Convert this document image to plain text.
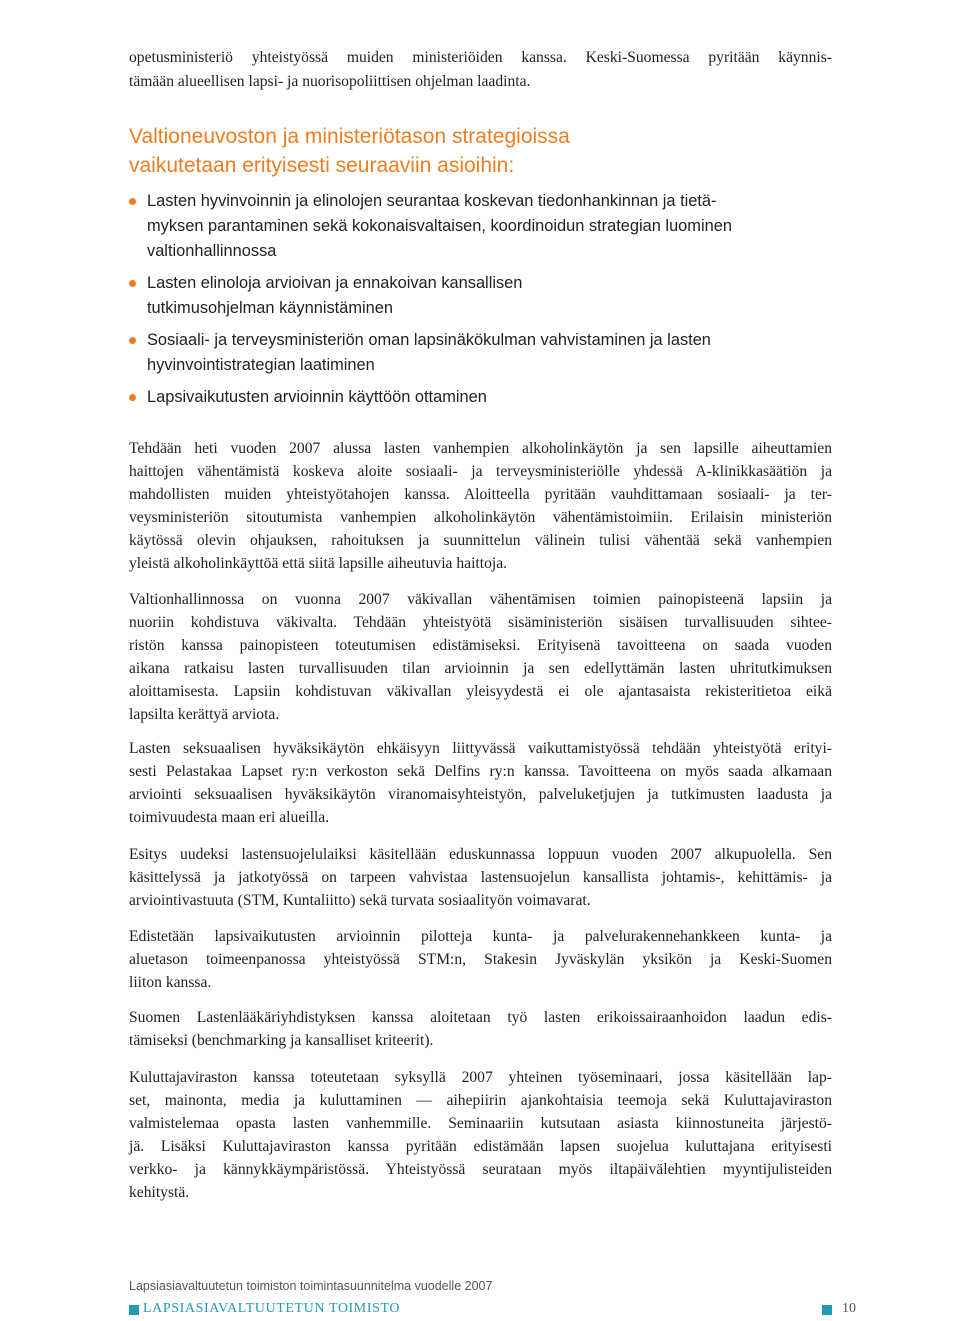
opetusministeriö yhteistyössä muiden ministeriöiden kanssa. Keski-Suomessa pyritään käynnis-
tämään alueellisen lapsi- ja nuorisopoliittisen ohjelman laadinta.
Valtioneuvoston ja ministeriötason strategioissa
vaikutetaan erityisesti seuraaviin asioihin:
Lasten hyvinvoinnin ja elinolojen seurantaa koskevan tiedonhankinnan ja tietä-
myksen parantaminen sekä kokonaisvaltaisen, koordinoidun strategian luominen
valtionhallinnossa
Lasten elinoloja arvioivan ja ennakoivan kansallisen
tutkimusohjelman käynnistäminen
Sosiaali- ja terveysministeriön oman lapsinäkökulman vahvistaminen ja lasten
hyvinvointistrategian laatiminen
Lapsivaikutusten arvioinnin käyttöön ottaminen
Tehdään heti vuoden 2007 alussa lasten vanhempien alkoholinkäytön ja sen lapsille aiheuttamien
haittojen vähentämistä koskeva aloite sosiaali- ja terveysministeriölle yhdessä A-klinikkasäätiön ja
mahdollisten muiden yhteistyötahojen kanssa. Aloitteella pyritään vauhdittamaan sosiaali- ja ter-
veysministeriön sitoutumista vanhempien alkoholinkäytön vähentämistoimiin. Erilaisin ministeriön
käytössä olevin ohjauksen, rahoituksen ja suunnittelun välinein tulisi vähentää sekä vanhempien
yleistä alkoholinkäyttöä että siitä lapsille aiheutuvia haittoja.
Valtionhallinnossa on vuonna 2007 väkivallan vähentämisen toimien painopisteenä lapsiin ja
nuoriin kohdistuva väkivalta. Tehdään yhteistyötä sisäministeriön sisäisen turvallisuuden sihtee-
ristön kanssa painopisteen toteutumisen edistämiseksi. Erityisenä tavoitteena on saada vuoden
aikana ratkaisu lasten turvallisuuden tilan arvioinnin ja sen edellyttämän lasten uhritutkimuksen
aloittamisesta. Lapsiin kohdistuvan väkivallan yleisyydestä ei ole ajantasaista rekisteritietoa eikä
lapsilta kerättyä arviota.
Lasten seksuaalisen hyväksikäytön ehkäisyyn liittyvässä vaikuttamistyössä tehdään yhteistyötä erityi-
sesti Pelastakaa Lapset ry:n verkoston sekä Delfins ry:n kanssa. Tavoitteena on myös saada alkamaan
arviointi seksuaalisen hyväksikäytön viranomaisyhteistyön, palveluketjujen ja tutkimusten laadusta ja
toimivuudesta maan eri alueilla.
Esitys uudeksi lastensuojelulaiksi käsitellään eduskunnassa loppuun vuoden 2007 alkupuolella. Sen
käsittelyssä ja jatkotyössä on tarpeen vahvistaa lastensuojelun kansallista johtamis-, kehittämis- ja
arviointivastuuta (STM, Kuntaliitto) sekä turvata sosiaalityön voimavarat.
Edistetään lapsivaikutusten arvioinnin pilotteja kunta- ja palvelurakennehankkeen kunta- ja
aluetason toimeenpanossa yhteistyössä STM:n, Stakesin Jyväskylän yksikön ja Keski-Suomen
liiton kanssa.
Suomen Lastenlääkäriyhdistyksen kanssa aloitetaan työ lasten erikoissairaanhoidon laadun edis-
tämiseksi (benchmarking ja kansalliset kriteerit).
Kuluttajaviraston kanssa toteutetaan syksyllä 2007 yhteinen työseminaari, jossa käsitellään lap-
set, mainonta, media ja kuluttaminen — aihepiirin ajankohtaisia teemoja sekä Kuluttajaviraston
valmistelemaa opasta lasten vanhemmille. Seminaariin kutsutaan asiasta kiinnostuneita järjestö-
jä. Lisäksi Kuluttajaviraston kanssa pyritään edistämään lapsen suojelua kuluttajana erityisesti
verkko- ja kännykkäympäristössä. Yhteistyössä seurataan myös iltapäivälehtien myyntijulisteiden
kehitystä.
Lapsiasiavaltuutetun toimiston toimintasuunnitelma vuodelle 2007
LAPSIASIAVALTUUTETUN TOIMISTO	10
